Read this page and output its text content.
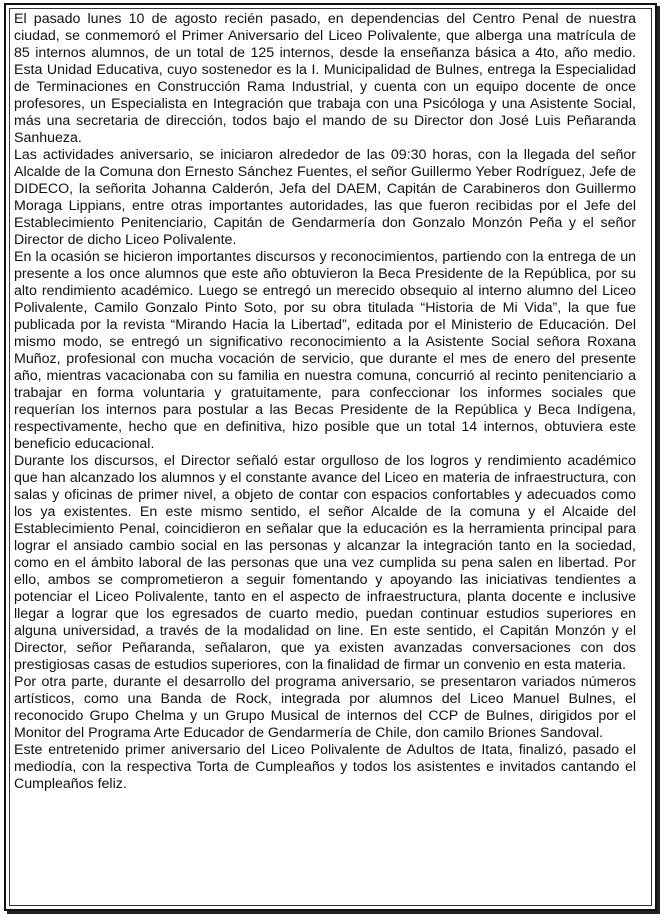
El pasado lunes 10 de agosto recién pasado, en dependencias del Centro Penal de nuestra ciudad, se conmemoró el Primer Aniversario del Liceo Polivalente, que alberga una matrícula de 85 internos alumnos, de un total de 125 internos, desde la enseñanza básica a 4to, año medio. Esta Unidad Educativa, cuyo sostenedor es la I. Municipalidad de Bulnes, entrega la Especialidad de Terminaciones en Construcción Rama Industrial, y cuenta con un equipo docente de once profesores, un Especialista en Integración que trabaja con una Psicóloga y una Asistente Social, más una secretaria de dirección, todos bajo el mando de su Director don José Luis Peñaranda Sanhueza.

Las actividades aniversario, se iniciaron alrededor de las 09:30 horas, con la llegada del señor Alcalde de la Comuna don Ernesto Sánchez Fuentes, el señor Guillermo Yeber Rodríguez, Jefe de DIDECO, la señorita Johanna Calderón, Jefa del DAEM, Capitán de Carabineros don Guillermo Moraga Lippians, entre otras importantes autoridades, las que fueron recibidas por el Jefe del Establecimiento Penitenciario, Capitán de Gendarmería don Gonzalo Monzón Peña y el señor Director de dicho Liceo Polivalente.

En la ocasión se hicieron importantes discursos y reconocimientos, partiendo con la entrega de un presente a los once alumnos que este año obtuvieron la Beca Presidente de la República, por su alto rendimiento académico. Luego se entregó un merecido obsequio al interno alumno del Liceo Polivalente, Camilo Gonzalo Pinto Soto, por su obra titulada “Historia de Mi Vida”, la que fue publicada por la revista “Mirando Hacia la Libertad”, editada por el Ministerio de Educación. Del mismo modo, se entregó un significativo reconocimiento a la Asistente Social señora Roxana Muñoz, profesional con mucha vocación de servicio, que durante el mes de enero del presente año, mientras vacacionaba con su familia en nuestra comuna, concurrió al recinto penitenciario a trabajar en forma voluntaria y gratuitamente, para confeccionar los informes sociales que requerían los internos para postular a las Becas Presidente de la República y Beca Indígena, respectivamente, hecho que en definitiva, hizo posible que un total 14 internos, obtuviera este beneficio educacional.

Durante los discursos, el Director señaló estar orgulloso de los logros y rendimiento académico que han alcanzado los alumnos y el constante avance del Liceo en materia de infraestructura, con salas y oficinas de primer nivel, a objeto de contar con espacios confortables y adecuados como los ya existentes. En este mismo sentido, el señor Alcalde de la comuna y el Alcaide del Establecimiento Penal, coincidieron en señalar que la educación es la herramienta principal para lograr el ansiado cambio social en las personas y alcanzar la integración tanto en la sociedad, como en el ámbito laboral de las personas que una vez cumplida su pena salen en libertad. Por ello, ambos se comprometieron a seguir fomentando y apoyando las iniciativas tendientes a potenciar el Liceo Polivalente, tanto en el aspecto de infraestructura, planta docente e inclusive llegar a lograr que los egresados de cuarto medio, puedan continuar estudios superiores en alguna universidad, a través de la modalidad on line. En este sentido, el Capitán Monzón y el Director, señor Peñaranda, señalaron, que ya existen avanzadas conversaciones con dos prestigiosas casas de estudios superiores, con la finalidad de firmar un convenio en esta materia.

Por otra parte, durante el desarrollo del programa aniversario, se presentaron variados números artísticos, como una Banda de Rock, integrada por alumnos del Liceo Manuel Bulnes, el reconocido Grupo Chelma y un Grupo Musical de internos del CCP de Bulnes, dirigidos por el Monitor del Programa Arte Educador de Gendarmería de Chile, don camilo Briones Sandoval.

Este entretenido primer aniversario del Liceo Polivalente de Adultos de Itata, finalizó, pasado el mediodía, con la respectiva Torta de Cumpleaños y todos los asistentes e invitados cantando el Cumpleaños feliz.
